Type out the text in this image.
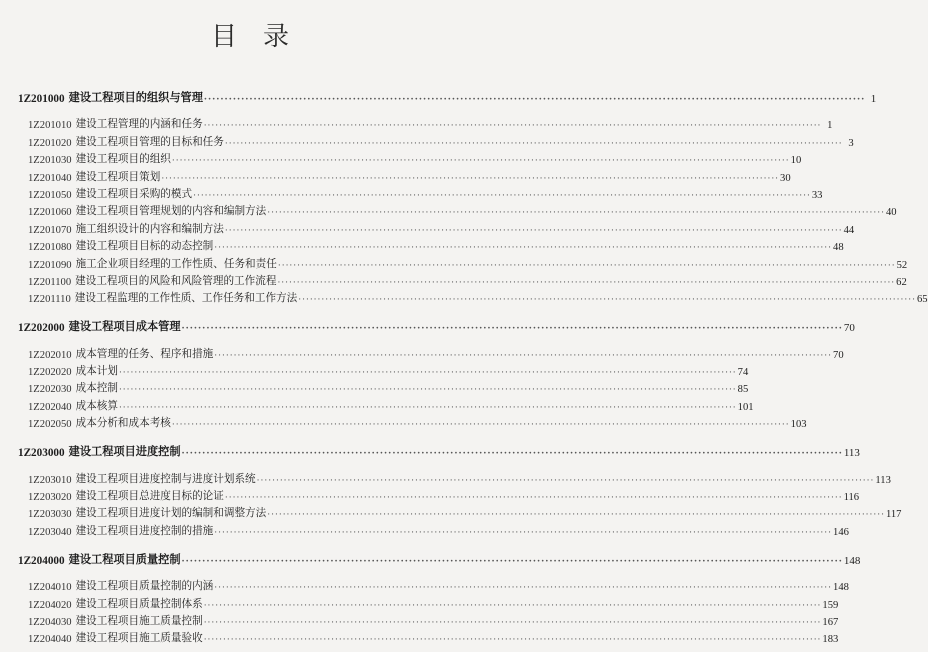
目　录
1Z201000 建设工程项目的组织与管理 ································································································································································ 1
1Z201010 建设工程管理的内涵和任务 ································································································································································ 1
1Z201020 建设工程项目管理的目标和任务 ································································································································································ 3
1Z201030 建设工程项目的组织 ································································································································································ 10
1Z201040 建设工程项目策划 ································································································································································ 30
1Z201050 建设工程项目采购的模式 ································································································································································ 33
1Z201060 建设工程项目管理规划的内容和编制方法 ································································································································································ 40
1Z201070 施工组织设计的内容和编制方法 ································································································································································ 44
1Z201080 建设工程项目目标的动态控制 ································································································································································ 48
1Z201090 施工企业项目经理的工作性质、任务和责任 ································································································································································ 52
1Z201100 建设工程项目的风险和风险管理的工作流程 ································································································································································ 62
1Z201110 建设工程监理的工作性质、工作任务和工作方法 ································································································································································ 65
1Z202000 建设工程项目成本管理 ································································································································································ 70
1Z202010 成本管理的任务、程序和措施 ································································································································································ 70
1Z202020 成本计划 ································································································································································ 74
1Z202030 成本控制 ································································································································································ 85
1Z202040 成本核算 ································································································································································ 101
1Z202050 成本分析和成本考核 ································································································································································ 103
1Z203000 建设工程项目进度控制 ································································································································································ 113
1Z203010 建设工程项目进度控制与进度计划系统 ································································································································································ 113
1Z203020 建设工程项目总进度目标的论证 ································································································································································ 116
1Z203030 建设工程项目进度计划的编制和调整方法 ································································································································································ 117
1Z203040 建设工程项目进度控制的措施 ································································································································································ 146
1Z204000 建设工程项目质量控制 ································································································································································ 148
1Z204010 建设工程项目质量控制的内涵 ································································································································································ 148
1Z204020 建设工程项目质量控制体系 ································································································································································ 159
1Z204030 建设工程项目施工质量控制 ································································································································································ 167
1Z204040 建设工程项目施工质量验收 ································································································································································ 183
